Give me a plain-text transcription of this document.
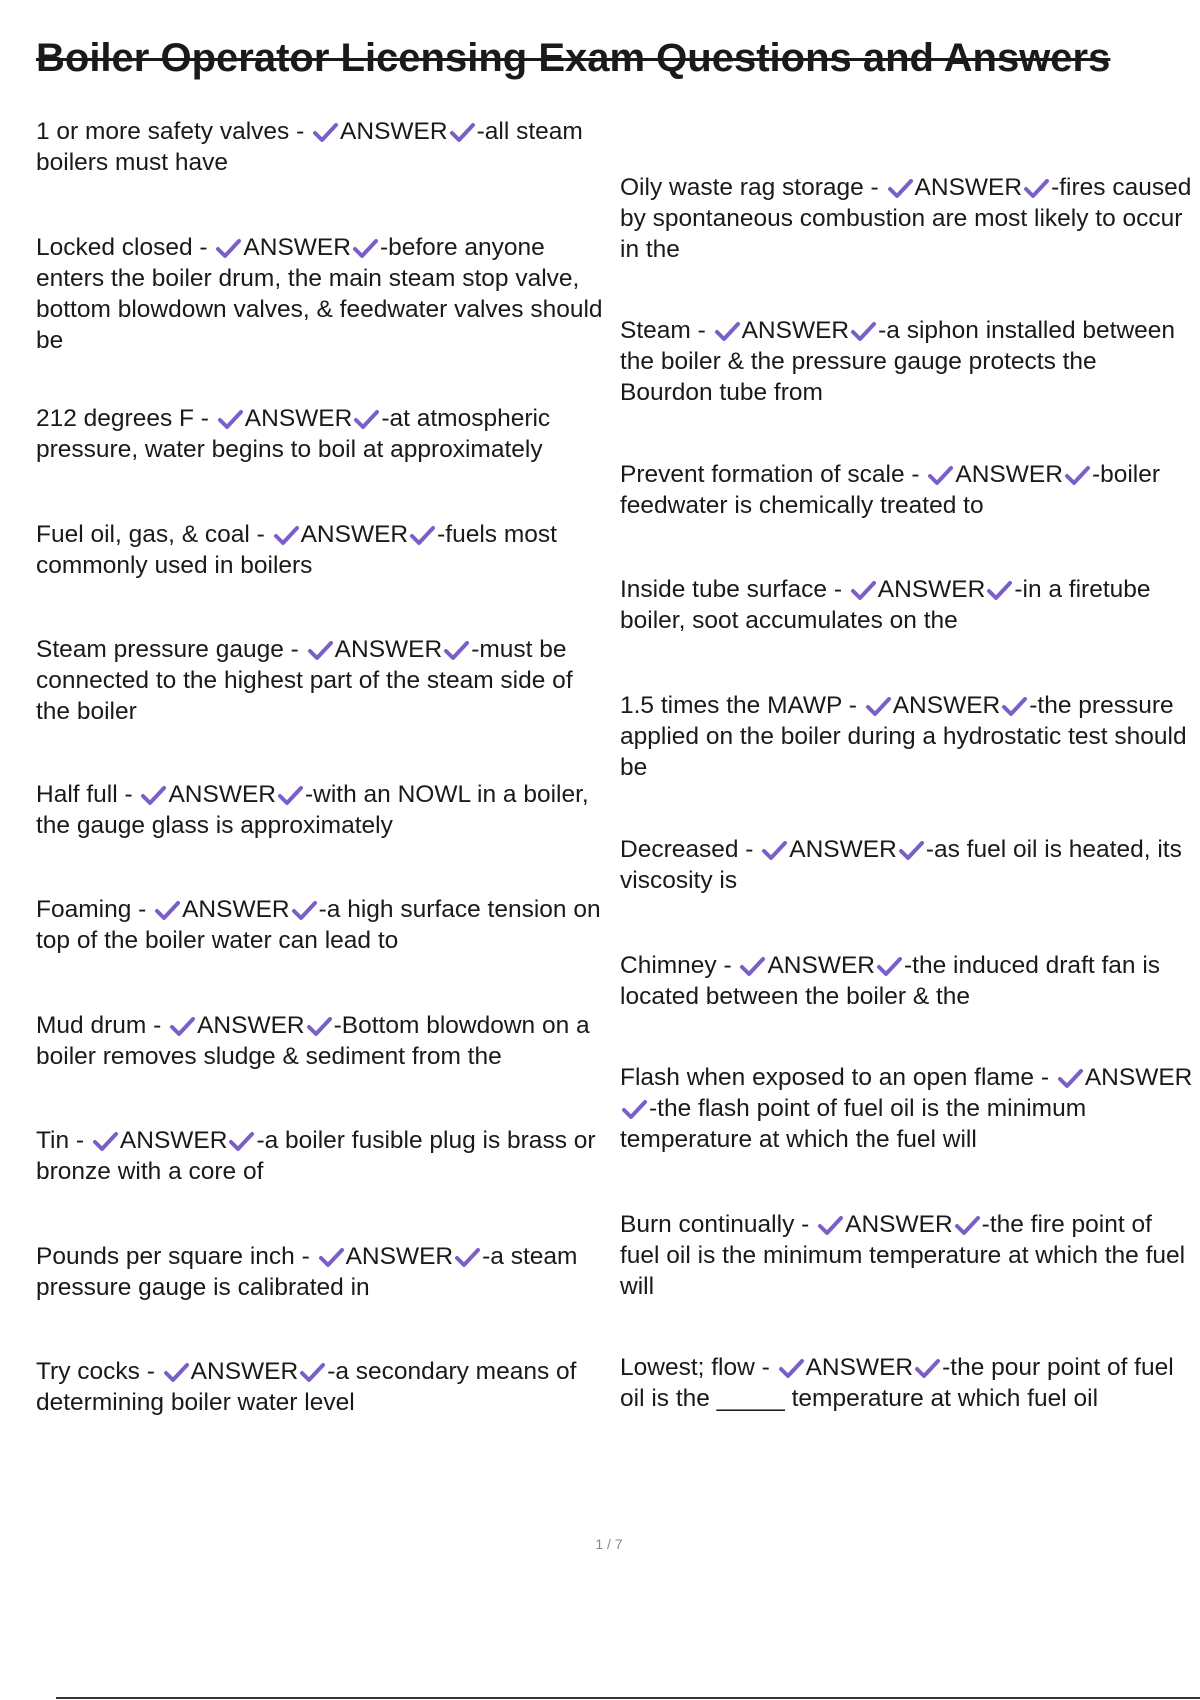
Boiler Operator Licensing Exam Questions and Answers

1 or more safety valves - ANSWER -all steam boilers must have

Locked closed - ANSWER -before anyone enters the boiler drum, the main steam stop valve, bottom blowdown valves, & feedwater valves should be

212 degrees F - ANSWER -at atmospheric pressure, water begins to boil at approximately

Fuel oil, gas, & coal - ANSWER -fuels most commonly used in boilers

Steam pressure gauge - ANSWER -must be connected to the highest part of the steam side of the boiler

Half full - ANSWER -with an NOWL in a boiler, the gauge glass is approximately

Foaming - ANSWER -a high surface tension on top of the boiler water can lead to

Mud drum - ANSWER -Bottom blowdown on a boiler removes sludge & sediment from the

Tin - ANSWER -a boiler fusible plug is brass or bronze with a core of

Pounds per square inch - ANSWER -a steam pressure gauge is calibrated in

Try cocks - ANSWER -a secondary means of determining boiler water level

Oily waste rag storage - ANSWER -fires caused by spontaneous combustion are most likely to occur in the

Steam - ANSWER -a siphon installed between the boiler & the pressure gauge protects the Bourdon tube from

Prevent formation of scale - ANSWER -boiler feedwater is chemically treated to

Inside tube surface - ANSWER -in a firetube boiler, soot accumulates on the

1.5 times the MAWP - ANSWER -the pressure applied on the boiler during a hydrostatic test should be

Decreased - ANSWER -as fuel oil is heated, its viscosity is

Chimney - ANSWER -the induced draft fan is located between the boiler & the

Flash when exposed to an open flame - ANSWER-the flash point of fuel oil is the minimum temperature at which the fuel will

Burn continually - ANSWER -the fire point of fuel oil is the minimum temperature at which the fuel will

Lowest; flow - ANSWER -the pour point of fuel oil is the _____ temperature at which fuel oil

1 / 7
